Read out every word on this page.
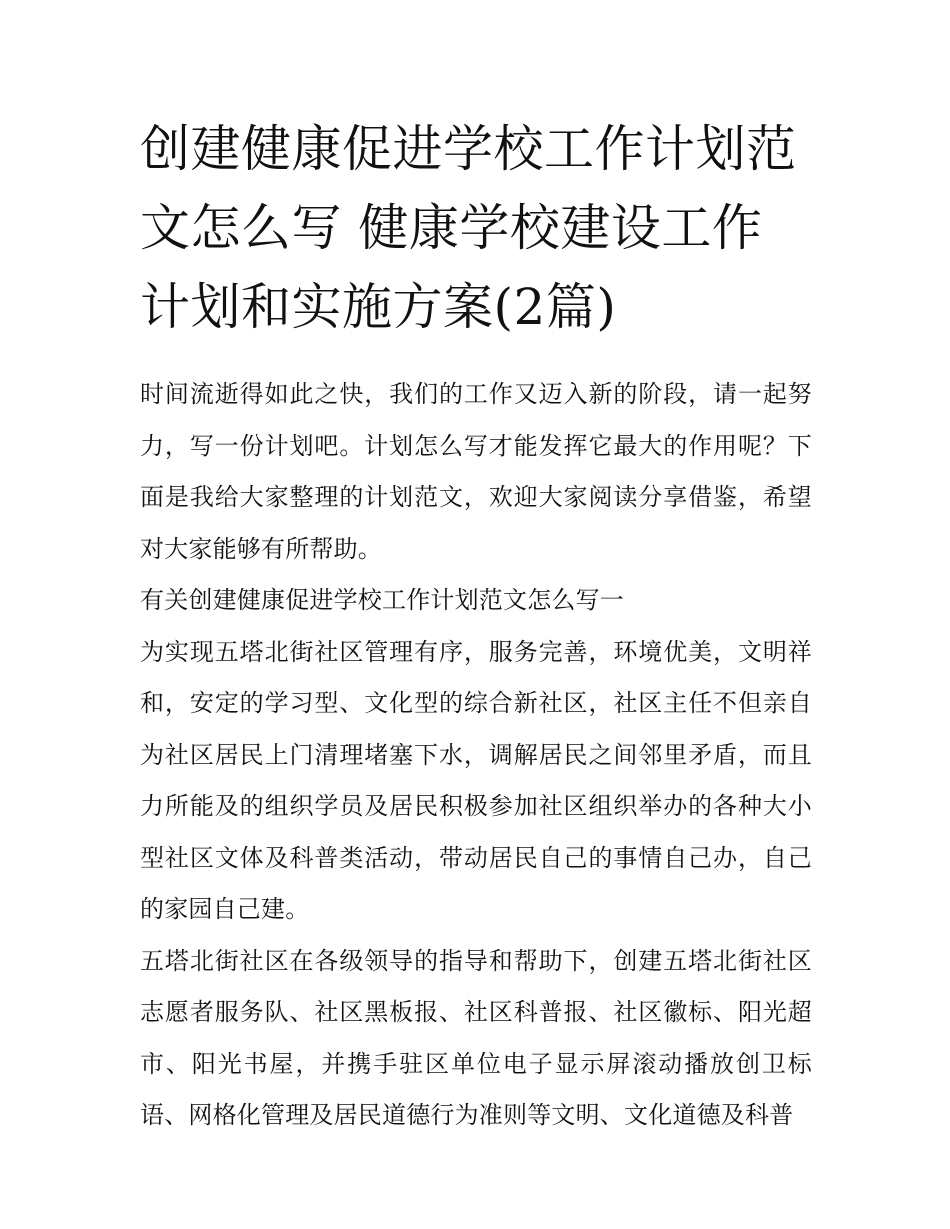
创建健康促进学校工作计划范文怎么写 健康学校建设工作计划和实施方案(2篇)

时间流逝得如此之快，我们的工作又迈入新的阶段，请一起努力，写一份计划吧。计划怎么写才能发挥它最大的作用呢？下面是我给大家整理的计划范文，欢迎大家阅读分享借鉴，希望对大家能够有所帮助。

有关创建健康促进学校工作计划范文怎么写一

为实现五塔北街社区管理有序，服务完善，环境优美，文明祥和，安定的学习型、文化型的综合新社区，社区主任不但亲自为社区居民上门清理堵塞下水，调解居民之间邻里矛盾，而且力所能及的组织学员及居民积极参加社区组织举办的各种大小型社区文体及科普类活动，带动居民自己的事情自己办，自己的家园自己建。

五塔北街社区在各级领导的指导和帮助下，创建五塔北街社区志愿者服务队、社区黑板报、社区科普报、社区徽标、阳光超市、阳光书屋，并携手驻区单位电子显示屏滚动播放创卫标语、网格化管理及居民道德行为准则等文明、文化道德及科普
